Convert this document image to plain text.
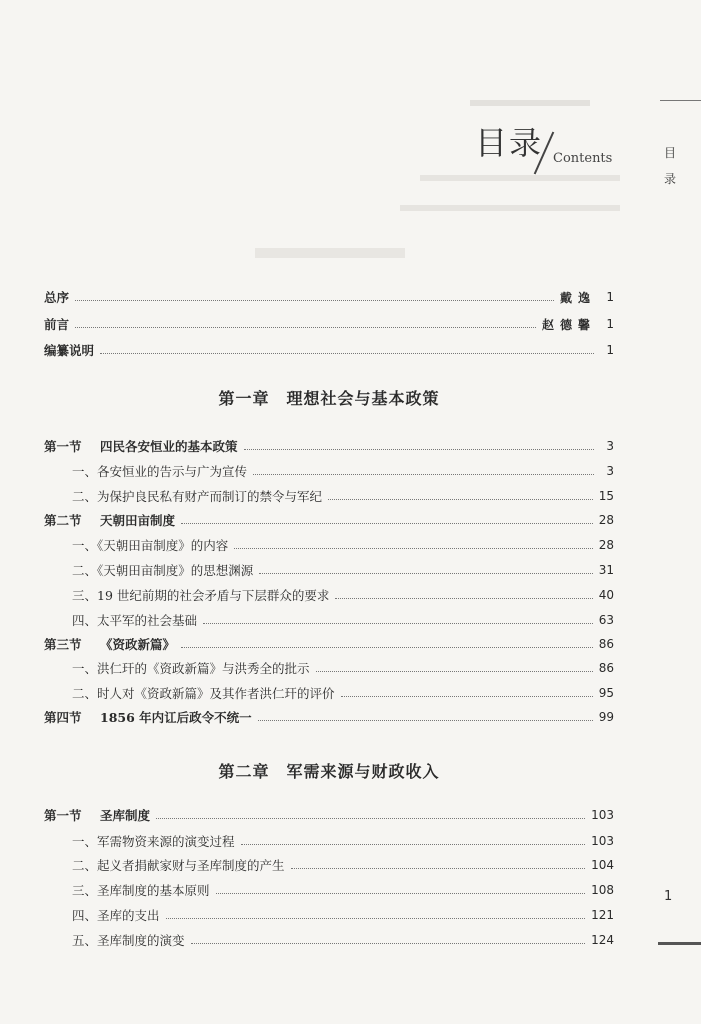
目录 Contents	目
录
总序	戴逸 1
前言	赵德馨 1
编纂说明	1
第一章　理想社会与基本政策
第一节 四民各安恒业的基本政策	3
一、各安恒业的告示与广为宣传	3
二、为保护良民私有财产而制订的禁令与军纪	15
第二节 天朝田亩制度	28
一、《天朝田亩制度》的内容	28
二、《天朝田亩制度》的思想渊源	31
三、19 世纪前期的社会矛盾与下层群众的要求	40
四、太平军的社会基础	63
第三节 《资政新篇》	86
一、洪仁玕的《资政新篇》与洪秀全的批示	86
二、时人对《资政新篇》及其作者洪仁玕的评价	95
第四节 1856 年内讧后政令不统一	99
第二章　军需来源与财政收入
第一节 圣库制度	103
一、军需物资来源的演变过程	103
二、起义者捐献家财与圣库制度的产生	104
三、圣库制度的基本原则	108
四、圣库的支出	121
五、圣库制度的演变	124
1
